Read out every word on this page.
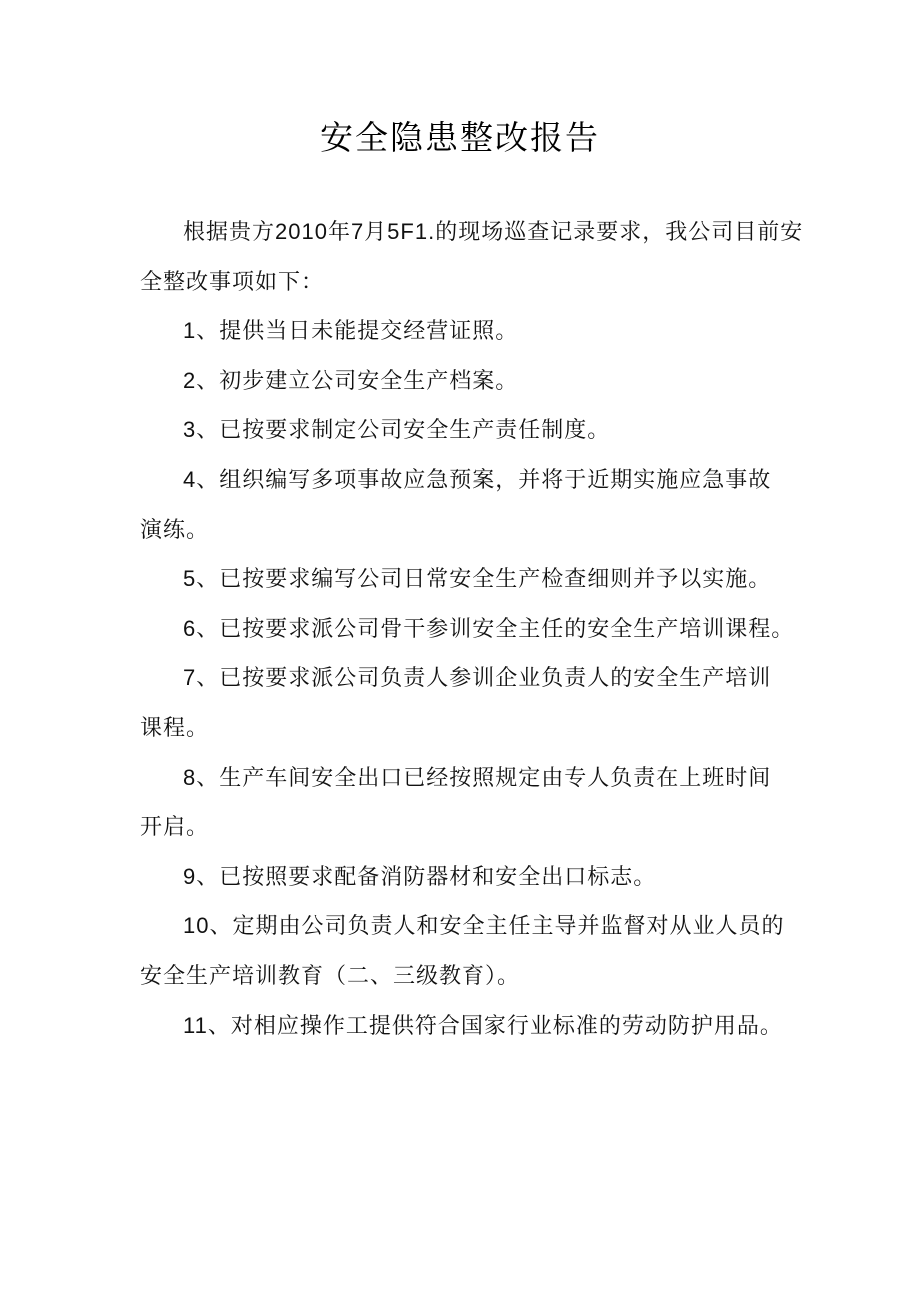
安全隐患整改报告
根据贵方2010年7月5F1.的现场巡查记录要求，我公司目前安
全整改事项如下：
1、提供当日未能提交经营证照。
2、初步建立公司安全生产档案。
3、已按要求制定公司安全生产责任制度。
4、组织编写多项事故应急预案，并将于近期实施应急事故
演练。
5、已按要求编写公司日常安全生产检查细则并予以实施。
6、已按要求派公司骨干参训安全主任的安全生产培训课程。
7、已按要求派公司负责人参训企业负责人的安全生产培训
课程。
8、生产车间安全出口已经按照规定由专人负责在上班时间
开启。
9、已按照要求配备消防器材和安全出口标志。
10、定期由公司负责人和安全主任主导并监督对从业人员的
安全生产培训教育（二、三级教育）。
11、对相应操作工提供符合国家行业标准的劳动防护用品。
